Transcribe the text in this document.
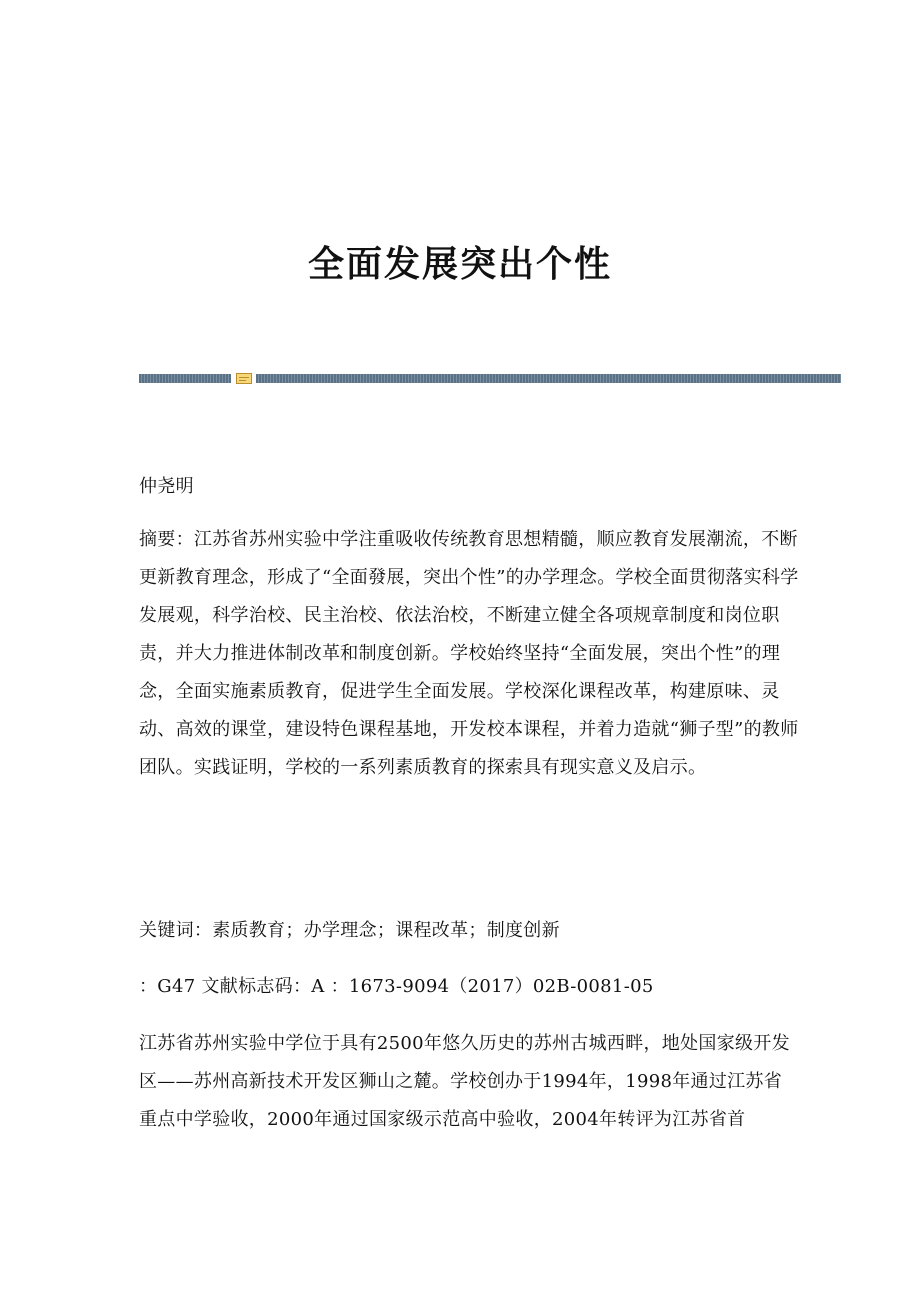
全面发展突出个性

仲尧明

摘要：江苏省苏州实验中学注重吸收传统教育思想精髓，顺应教育发展潮流，不断更新教育理念，形成了“全面發展，突出个性”的办学理念。学校全面贯彻落实科学发展观，科学治校、民主治校、依法治校，不断建立健全各项规章制度和岗位职责，并大力推进体制改革和制度创新。学校始终坚持“全面发展，突出个性”的理念，全面实施素质教育，促进学生全面发展。学校深化课程改革，构建原味、灵动、高效的课堂，建设特色课程基地，开发校本课程，并着力造就“狮子型”的教师团队。实践证明，学校的一系列素质教育的探索具有现实意义及启示。

关键词：素质教育；办学理念；课程改革；制度创新

：G47 文献标志码：A ：1673-9094（2017）02B-0081-05

江苏省苏州实验中学位于具有2500年悠久历史的苏州古城西畔，地处国家级开发区——苏州高新技术开发区狮山之麓。学校创办于1994年，1998年通过江苏省重点中学验收，2000年通过国家级示范高中验收，2004年转评为江苏省首
